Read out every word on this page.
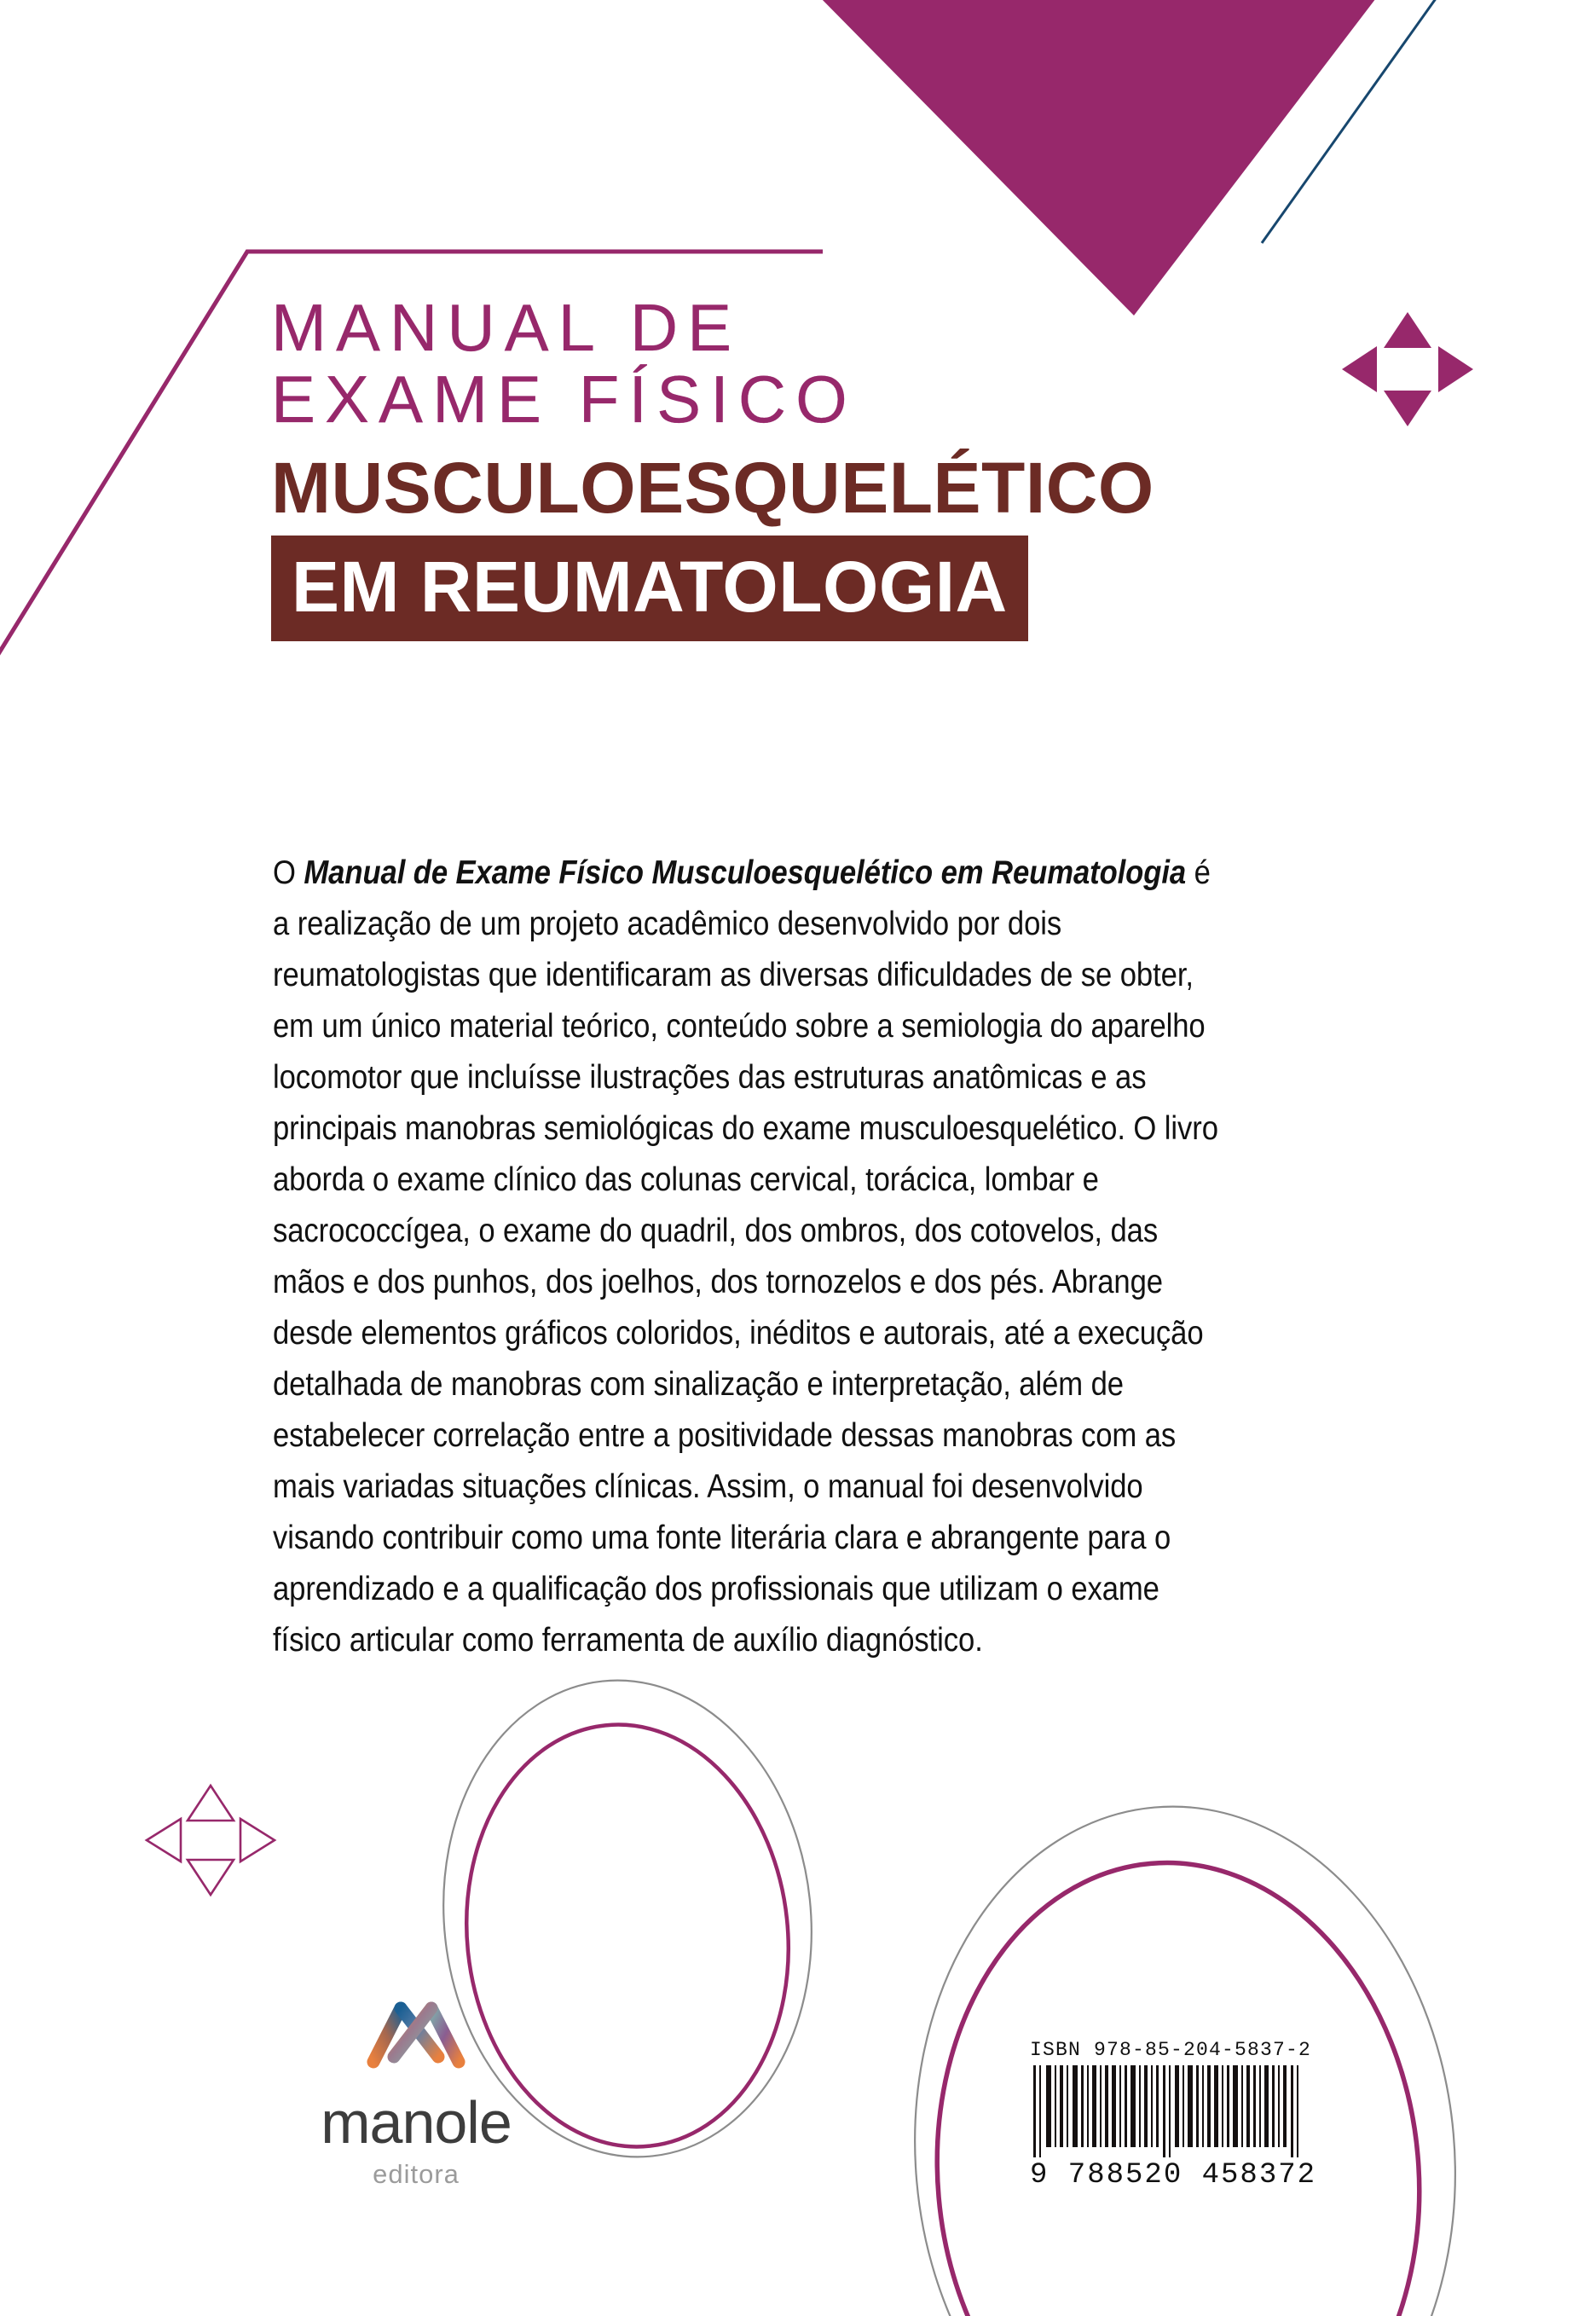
MANUAL DE
EXAME FÍSICO
MUSCULOESQUELÉTICO
EM REUMATOLOGIA

O Manual de Exame Físico Musculoesquelético em Reumatologia é a realização de um projeto acadêmico desenvolvido por dois reumatologistas que identificaram as diversas dificuldades de se obter, em um único material teórico, conteúdo sobre a semiologia do aparelho locomotor que incluísse ilustrações das estruturas anatômicas e as principais manobras semiológicas do exame musculoesquelético. O livro aborda o exame clínico das colunas cervical, torácica, lombar e sacrococcígea, o exame do quadril, dos ombros, dos cotovelos, das mãos e dos punhos, dos joelhos, dos tornozelos e dos pés. Abrange desde elementos gráficos coloridos, inéditos e autorais, até a execução detalhada de manobras com sinalização e interpretação, além de estabelecer correlação entre a positividade dessas manobras com as mais variadas situações clínicas. Assim, o manual foi desenvolvido visando contribuir como uma fonte literária clara e abrangente para o aprendizado e a qualificação dos profissionais que utilizam o exame físico articular como ferramenta de auxílio diagnóstico.

manole
editora
ISBN 978-85-204-5837-2
9 788520 458372
